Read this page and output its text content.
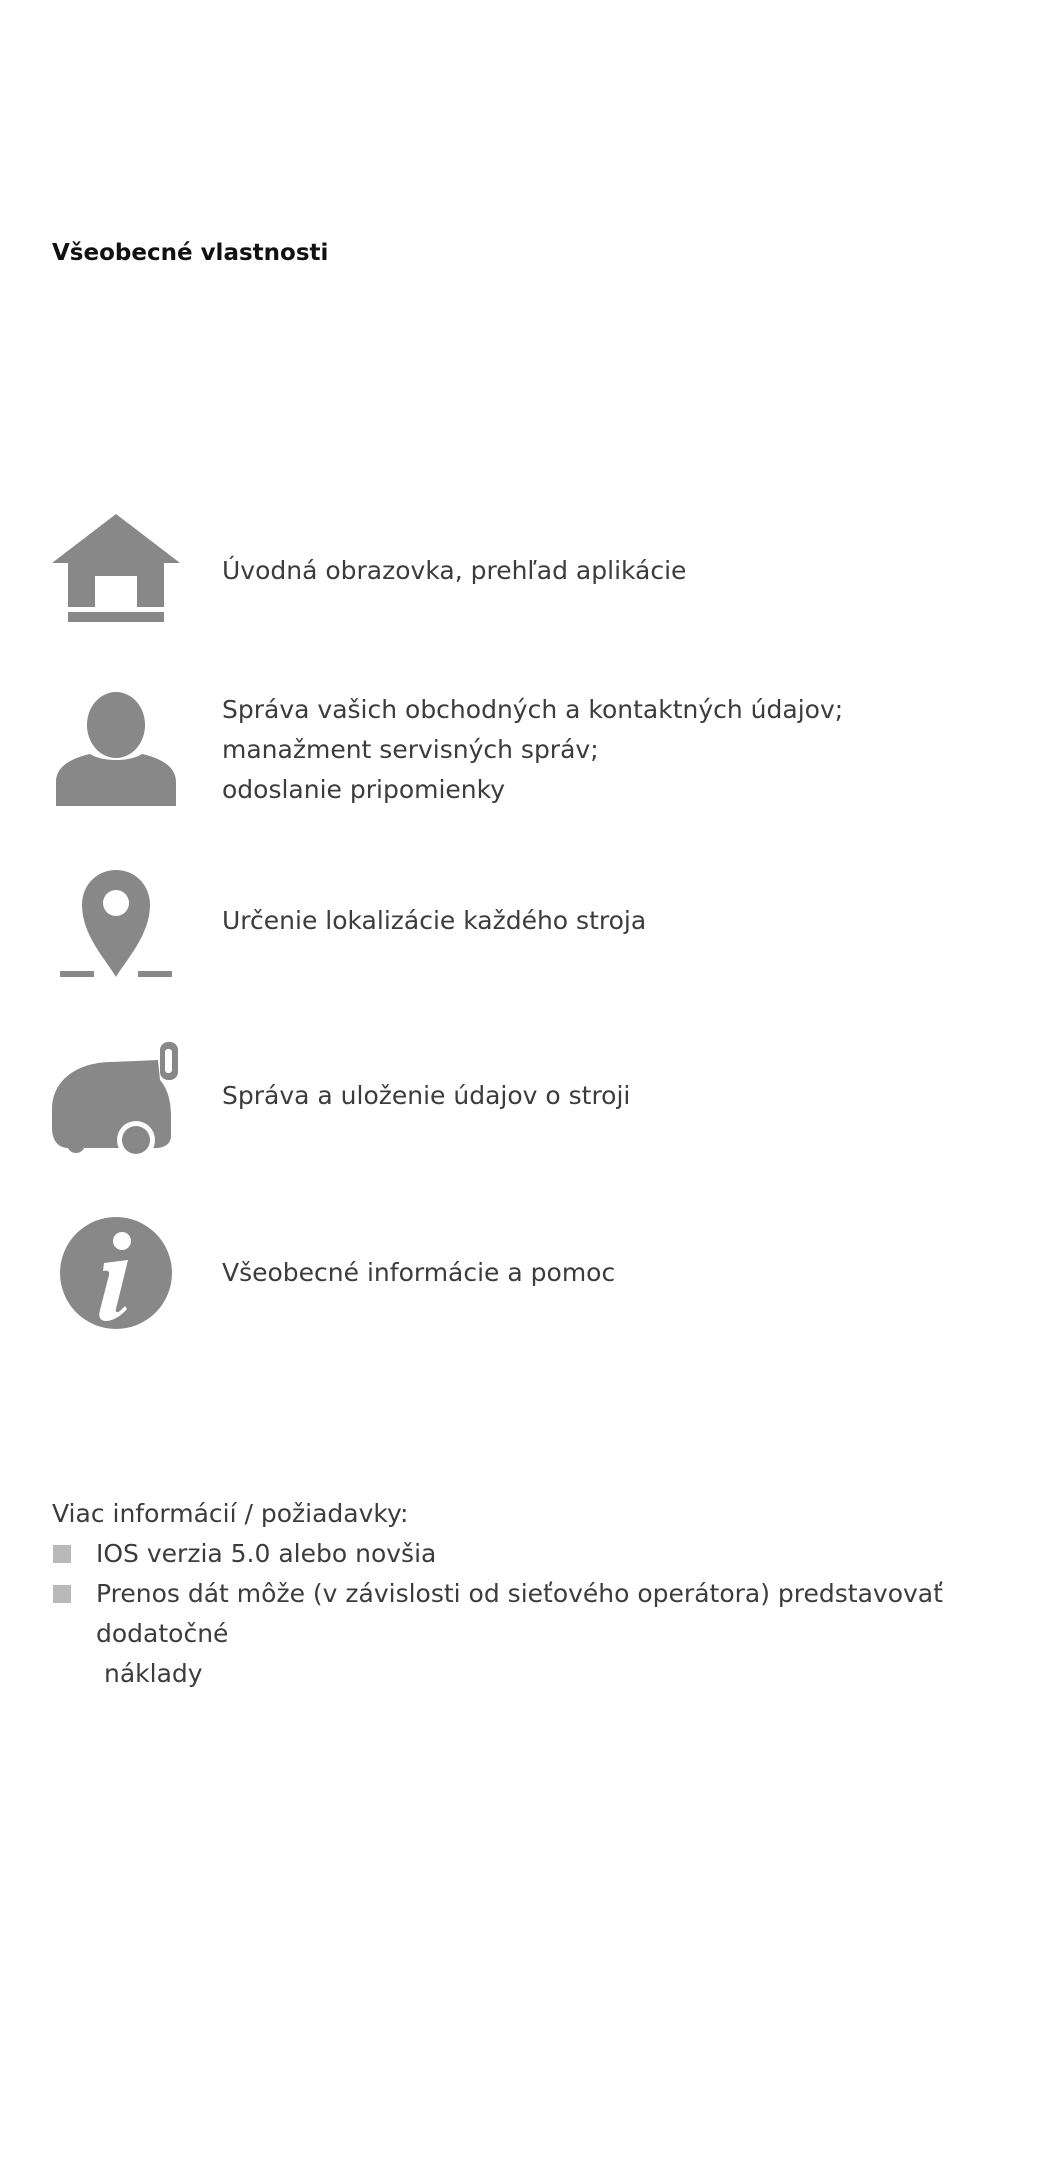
Všeobecné vlastnosti
Úvodná obrazovka, prehľad aplikácie
Správa vašich obchodných a kontaktných údajov;
manažment servisných správ;
odoslanie pripomienky
Určenie lokalizácie každého stroja
Správa a uloženie údajov o stroji
Všeobecné informácie a pomoc
Viac informácií / požiadavky:
IOS verzia 5.0 alebo novšia
Prenos dát môže (v závislosti od sieťového operátora) predstavovať dodatočné
náklady
